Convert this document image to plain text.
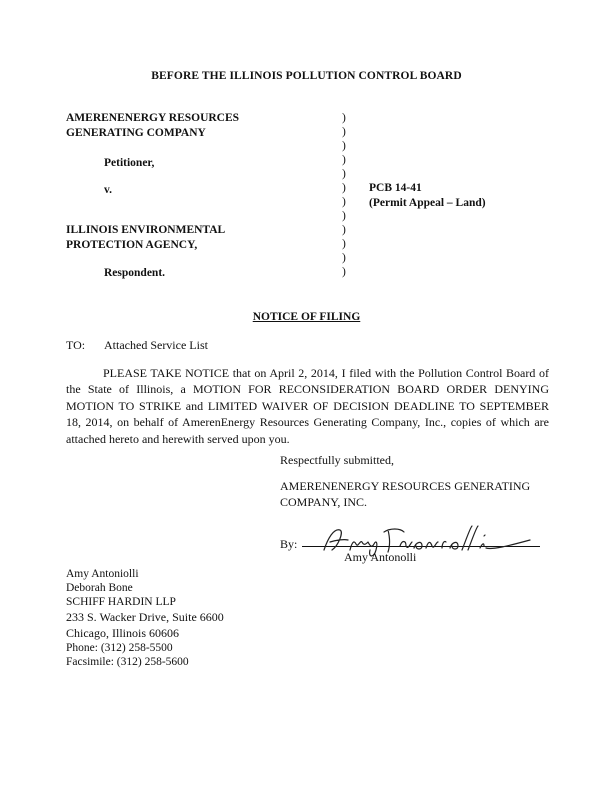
BEFORE THE ILLINOIS POLLUTION CONTROL BOARD
AMERENENERGY RESOURCES
GENERATING COMPANY
Petitioner,
v.
ILLINOIS ENVIRONMENTAL
PROTECTION AGENCY,
Respondent.
)
)
)
)
)
)
)
)
)
)
)
)
PCB 14-41
(Permit Appeal – Land)
NOTICE OF FILING
TO: Attached Service List

PLEASE TAKE NOTICE that on April 2, 2014, I filed with the Pollution Control Board of the State of Illinois, a MOTION FOR RECONSIDERATION BOARD ORDER DENYING MOTION TO STRIKE and LIMITED WAIVER OF DECISION DEADLINE TO SEPTEMBER 18, 2014, on behalf of AmerenEnergy Resources Generating Company, Inc., copies of which are attached hereto and herewith served upon you.

Respectfully submitted,
AMERENENERGY RESOURCES GENERATING
COMPANY, INC.
By:
Amy Antonolli
Amy Antoniolli
Deborah Bone
SCHIFF HARDIN LLP
233 S. Wacker Drive, Suite 6600
Chicago, Illinois 60606
Phone: (312) 258-5500
Facsimile: (312) 258-5600
